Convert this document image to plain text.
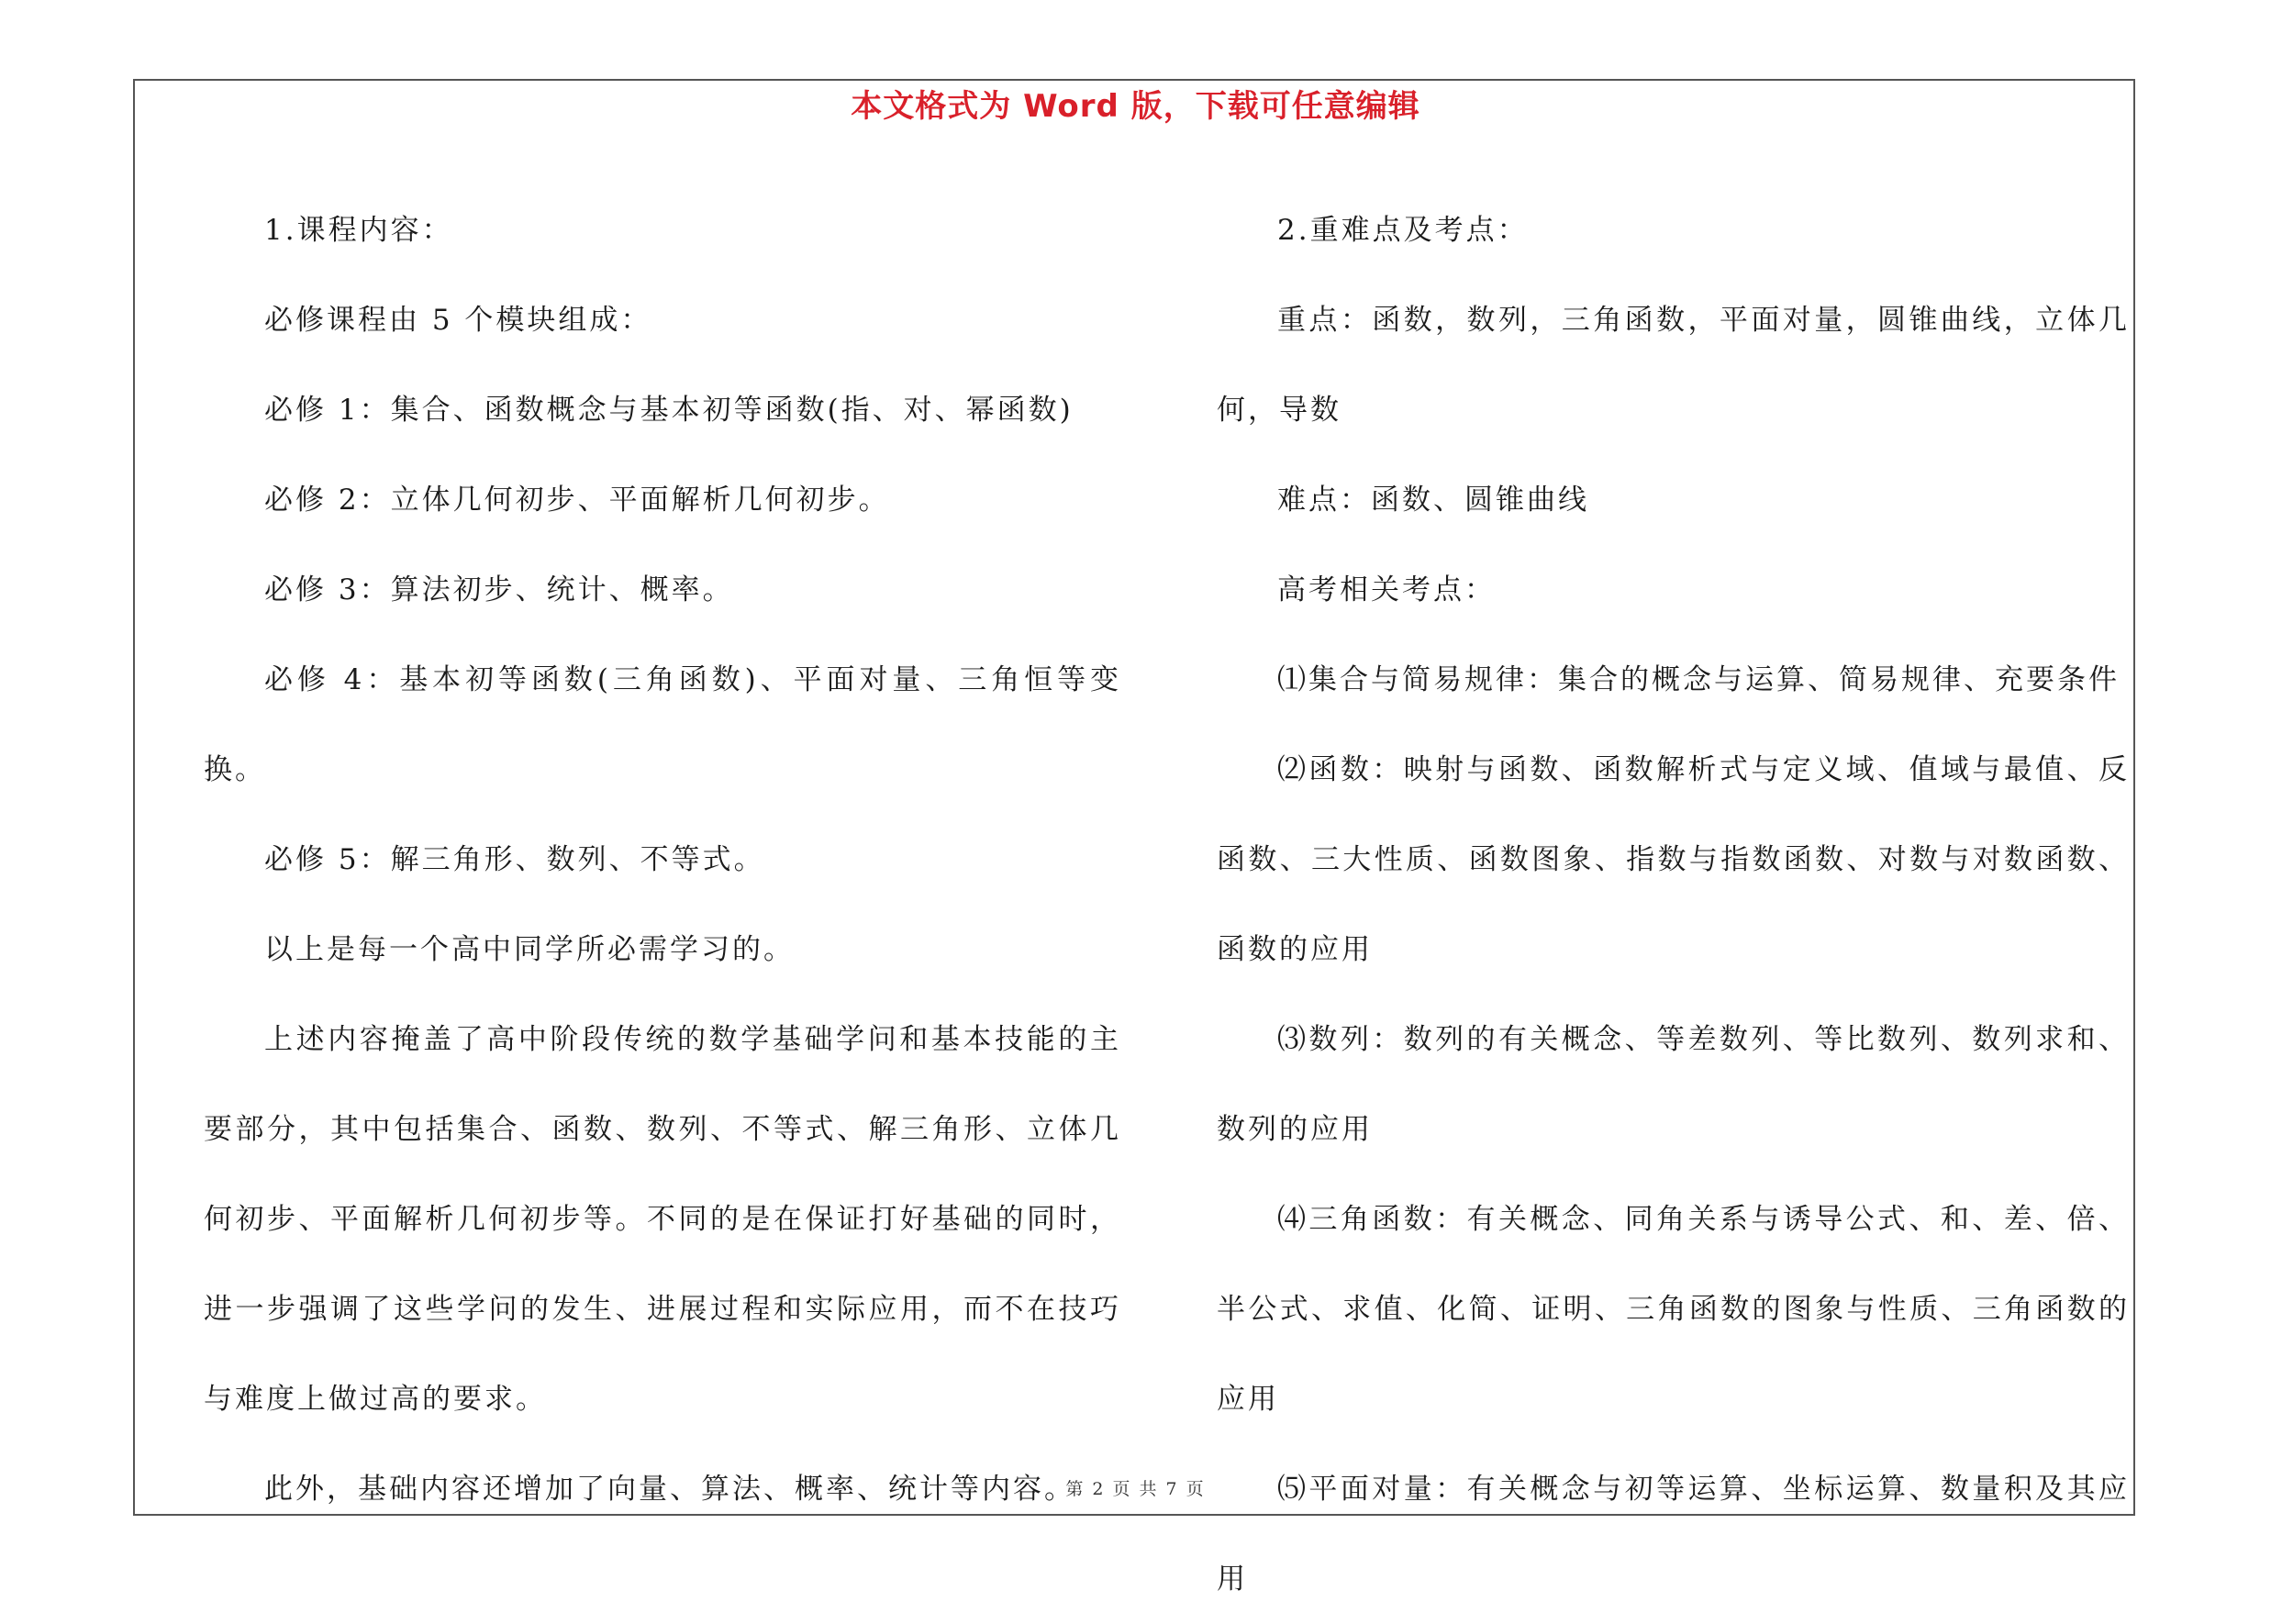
本文格式为 Word 版，下载可任意编辑

1.课程内容：

必修课程由 5 个模块组成：

必修 1：集合、函数概念与基本初等函数(指、对、幂函数)

必修 2：立体几何初步、平面解析几何初步。

必修 3：算法初步、统计、概率。

必修 4：基本初等函数(三角函数)、平面对量、三角恒等变换。

必修 5：解三角形、数列、不等式。

以上是每一个高中同学所必需学习的。

上述内容掩盖了高中阶段传统的数学基础学问和基本技能的主要部分，其中包括集合、函数、数列、不等式、解三角形、立体几何初步、平面解析几何初步等。不同的是在保证打好基础的同时，进一步强调了这些学问的发生、进展过程和实际应用，而不在技巧与难度上做过高的要求。

此外，基础内容还增加了向量、算法、概率、统计等内容。

2.重难点及考点：

重点：函数，数列，三角函数，平面对量，圆锥曲线，立体几何，导数

难点：函数、圆锥曲线

高考相关考点：

⑴集合与简易规律：集合的概念与运算、简易规律、充要条件

⑵函数：映射与函数、函数解析式与定义域、值域与最值、反函数、三大性质、函数图象、指数与指数函数、对数与对数函数、函数的应用

⑶数列：数列的有关概念、等差数列、等比数列、数列求和、数列的应用

⑷三角函数：有关概念、同角关系与诱导公式、和、差、倍、半公式、求值、化简、证明、三角函数的图象与性质、三角函数的应用

⑸平面对量：有关概念与初等运算、坐标运算、数量积及其应用

第 2 页 共 7 页
